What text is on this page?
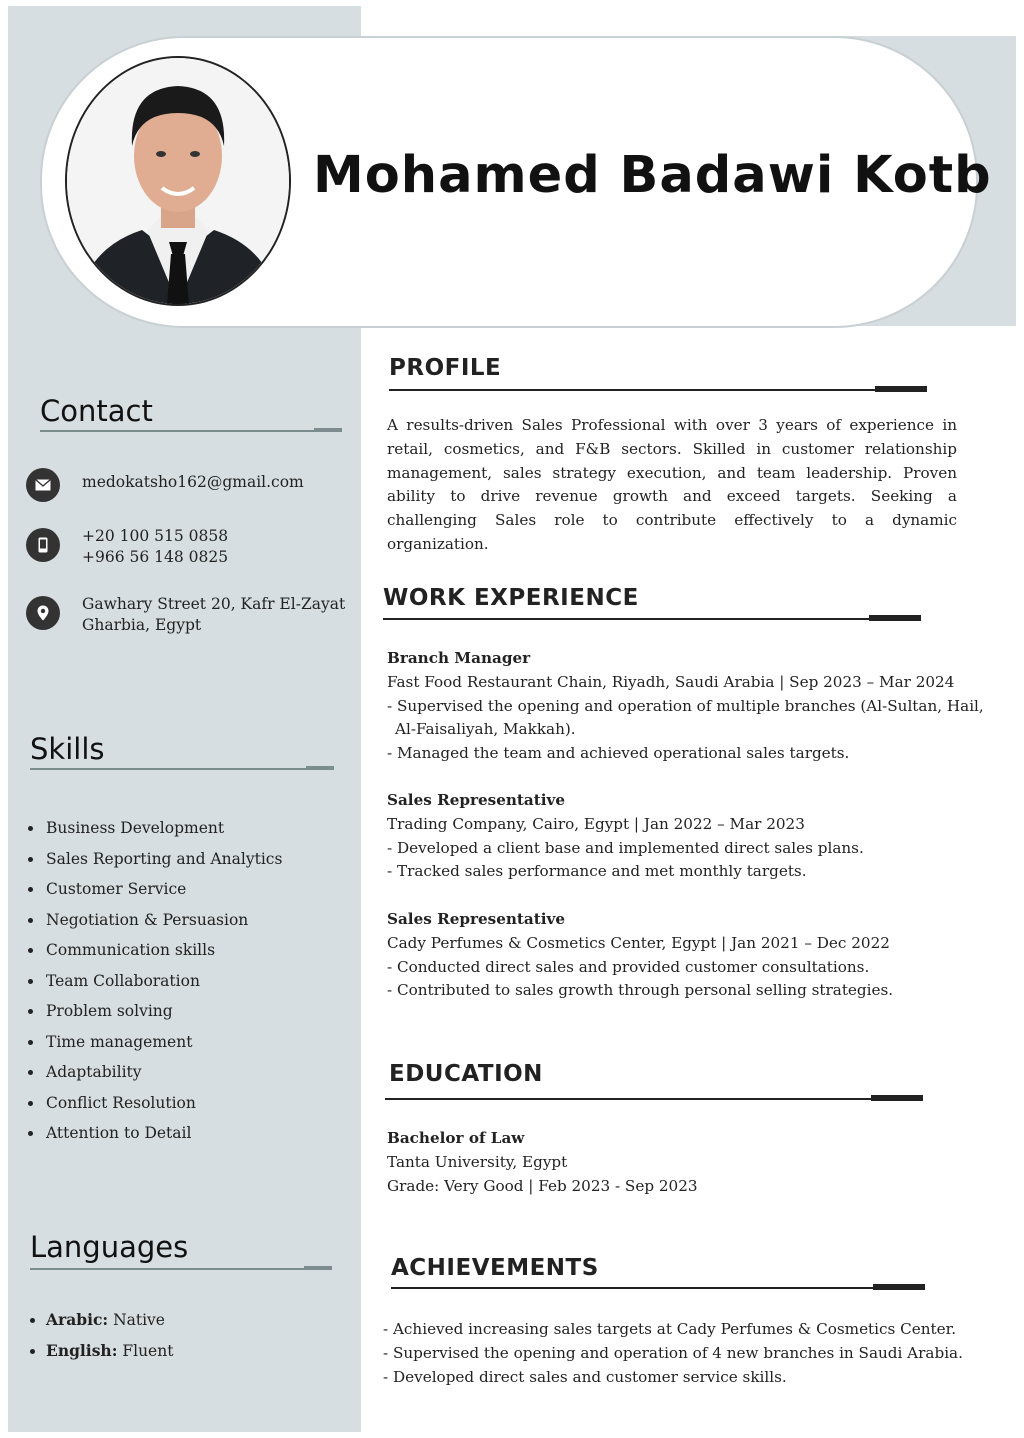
Mohamed Badawi Kotb
Contact
medokatsho162@gmail.com
+20 100 515 0858
+966 56 148 0825
Gawhary Street 20, Kafr El-Zayat
Gharbia, Egypt
Skills
• Business Development
• Sales Reporting and Analytics
• Customer Service
• Negotiation & Persuasion
• Communication skills
• Team Collaboration
• Problem solving
• Time management
• Adaptability
• Conflict Resolution
• Attention to Detail
Languages
• Arabic: Native
• English: Fluent
PROFILE
A results-driven Sales Professional with over 3 years of experience in retail, cosmetics, and F&B sectors. Skilled in customer relationship management, sales strategy execution, and team leadership. Proven ability to drive revenue growth and exceed targets. Seeking a challenging Sales role to contribute effectively to a dynamic organization.
WORK EXPERIENCE
Branch Manager
Fast Food Restaurant Chain, Riyadh, Saudi Arabia | Sep 2023 – Mar 2024
- Supervised the opening and operation of multiple branches (Al-Sultan, Hail,
Al-Faisaliyah, Makkah).
- Managed the team and achieved operational sales targets.
Sales Representative
Trading Company, Cairo, Egypt | Jan 2022 – Mar 2023
- Developed a client base and implemented direct sales plans.
- Tracked sales performance and met monthly targets.
Sales Representative
Cady Perfumes & Cosmetics Center, Egypt | Jan 2021 – Dec 2022
- Conducted direct sales and provided customer consultations.
- Contributed to sales growth through personal selling strategies.
EDUCATION
Bachelor of Law
Tanta University, Egypt
Grade: Very Good | Feb 2023 - Sep 2023
ACHIEVEMENTS
- Achieved increasing sales targets at Cady Perfumes & Cosmetics Center.
- Supervised the opening and operation of 4 new branches in Saudi Arabia.
- Developed direct sales and customer service skills.
